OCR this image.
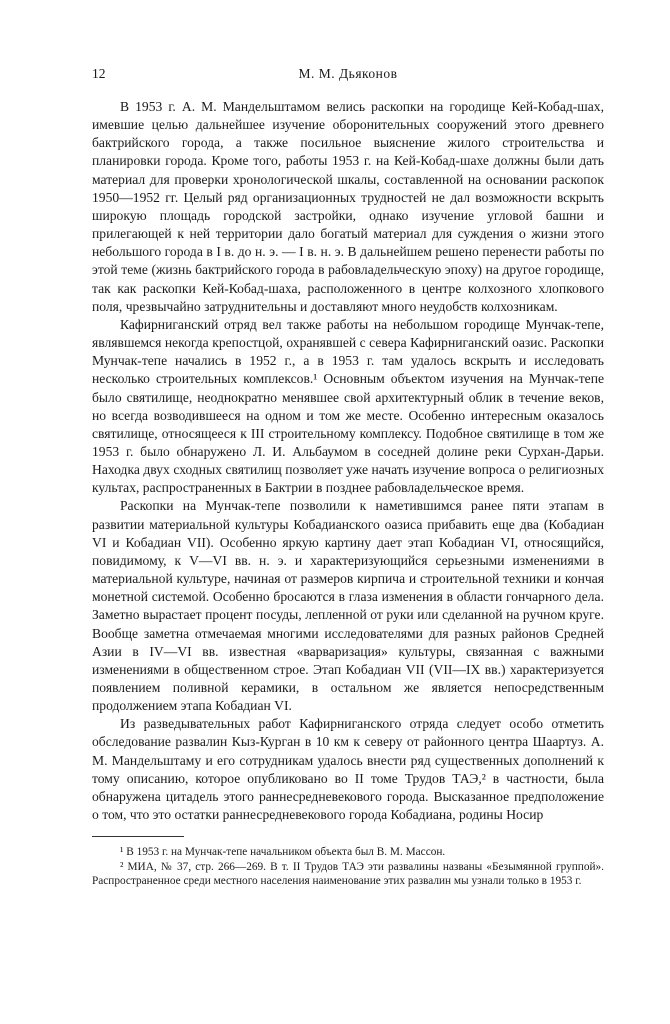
12	М. М. Дьяконов

В 1953 г. А. М. Мандельштамом велись раскопки на городище Кей-Кобад-шах, имевшие целью дальнейшее изучение оборонительных сооружений этого древнего бактрийского города, а также посильное выяснение жилого строительства и планировки города. Кроме того, работы 1953 г. на Кей-Кобад-шахе должны были дать материал для проверки хронологической шкалы, составленной на основании раскопок 1950—1952 гг. Целый ряд организационных трудностей не дал возможности вскрыть широкую площадь городской застройки, однако изучение угловой башни и прилегающей к ней территории дало богатый материал для суждения о жизни этого небольшого города в I в. до н. э. — I в. н. э. В дальнейшем решено перенести работы по этой теме (жизнь бактрийского города в рабовладельческую эпоху) на другое городище, так как раскопки Кей-Кобад-шаха, расположенного в центре колхозного хлопкового поля, чрезвычайно затруднительны и доставляют много неудобств колхозникам.

Кафирниганский отряд вел также работы на небольшом городище Мунчак-тепе, являвшемся некогда крепостцой, охранявшей с севера Кафирниганский оазис. Раскопки Мунчак-тепе начались в 1952 г., а в 1953 г. там удалось вскрыть и исследовать несколько строительных комплексов.¹ Основным объектом изучения на Мунчак-тепе было святилище, неоднократно менявшее свой архитектурный облик в течение веков, но всегда возводившееся на одном и том же месте. Особенно интересным оказалось святилище, относящееся к III строительному комплексу. Подобное святилище в том же 1953 г. было обнаружено Л. И. Альбаумом в соседней долине реки Сурхан-Дарьи. Находка двух сходных святилищ позволяет уже начать изучение вопроса о религиозных культах, распространенных в Бактрии в позднее рабовладельческое время.

Раскопки на Мунчак-тепе позволили к наметившимся ранее пяти этапам в развитии материальной культуры Кобадианского оазиса прибавить еще два (Кобадиан VI и Кобадиан VII). Особенно яркую картину дает этап Кобадиан VI, относящийся, повидимому, к V—VI вв. н. э. и характеризующийся серьезными изменениями в материальной культуре, начиная от размеров кирпича и строительной техники и кончая монетной системой. Особенно бросаются в глаза изменения в области гончарного дела. Заметно вырастает процент посуды, лепленной от руки или сделанной на ручном круге. Вообще заметна отмечаемая многими исследователями для разных районов Средней Азии в IV—VI вв. известная «варваризация» культуры, связанная с важными изменениями в общественном строе. Этап Кобадиан VII (VII—IX вв.) характеризуется появлением поливной керамики, в остальном же является непосредственным продолжением этапа Кобадиан VI.

Из разведывательных работ Кафирниганского отряда следует особо отметить обследование развалин Кыз-Курган в 10 км к северу от районного центра Шаартуз. А. М. Мандельштаму и его сотрудникам удалось внести ряд существенных дополнений к тому описанию, которое опубликовано во II томе Трудов ТАЭ,² в частности, была обнаружена цитадель этого раннесредневекового города. Высказанное предположение о том, что это остатки раннесредневекового города Кобадиана, родины Носир

¹ В 1953 г. на Мунчак-тепе начальником объекта был В. М. Массон.

² МИА, № 37, стр. 266—269. В т. II Трудов ТАЭ эти развалины названы «Безымянной группой». Распространенное среди местного населения наименование этих развалин мы узнали только в 1953 г.
